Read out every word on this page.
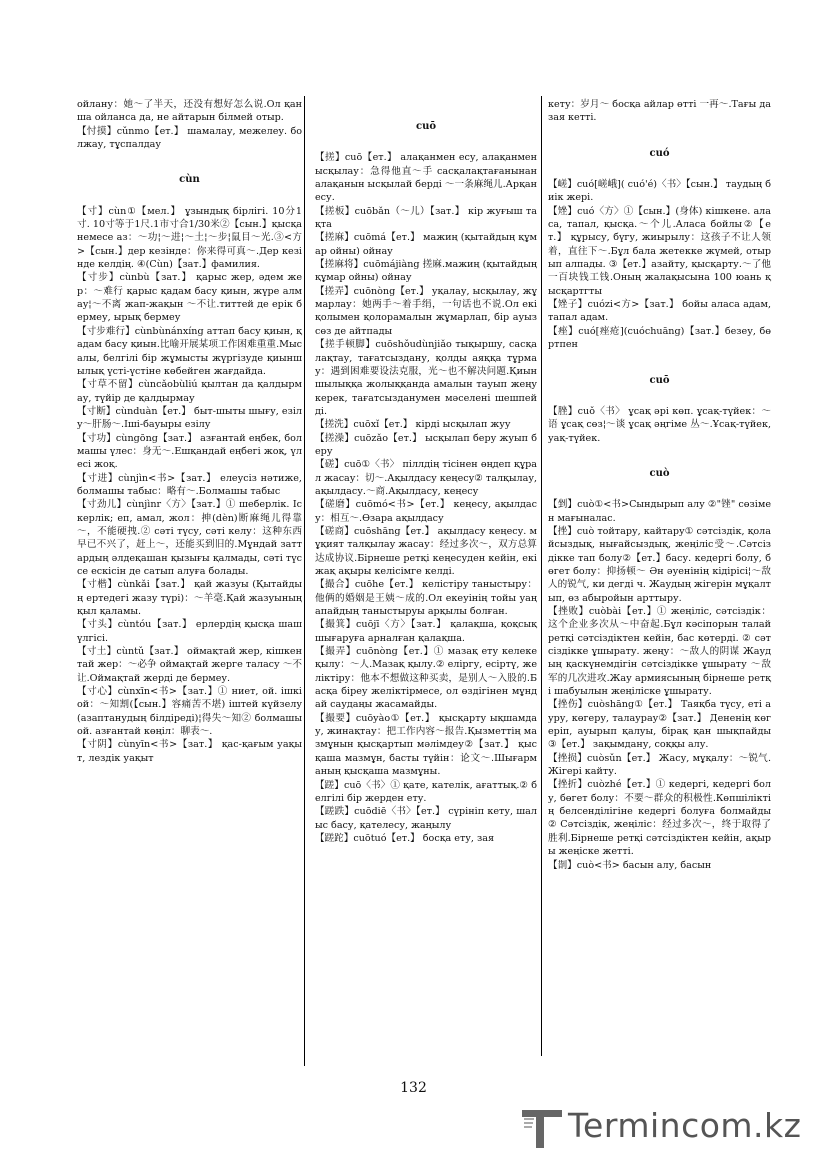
ойлану：她～了半天，还没有想好怎么说.Ол қанша ойланса да, не айтарын білмей отыр.

【忖摸】cǔnmo【ет.】 шамалау, межелеу. болжау, тұспалдау

cùn

【寸】cùn①【мел.】 ұзындық бірлігі. 10分1寸. 10寸等于1尺.1市寸合1/30米②【сын.】қысқа немесе аз：～功¦～进¦～土¦～步¦鼠目～光.③<方>【сын.】дер кезінде：你来得可真～.Дер кезінде келдің. ④(Cùn)【зат.】фамилия.

【寸步】cùnbù【зат.】 қарыс жер, әдем жер：～难行 қарыс қадам басу қиын, жүре алмау¦～不离 жап-жақын ～不让.титтей де ерік бермеу, ырық бермеу

【寸步难行】cùnbùnánxíng аттап басу қиын, қадам басу қиын.比喻开展某项工作困难重重.Мысалы, белгілі бір жұмысты жүргізуде қиыншылық үсті-үстіне көбейген жағдайда.

【寸草不留】cùncǎobùliú қылтан да қалдырмау, түйір де қалдырмау

【寸断】cùnduàn【ет.】 быт-шыты шығу, езілу～肝肠～.Іші-бауыры езілу

【寸功】cùngōng【зат.】 азғантай еңбек, болмашы үлес：身无～.Ешқандай еңбегі жоқ, үлесі жоқ.

【寸进】cùnjìn<书>【зат.】 елеусіз нәтиже, болмашы табыс：略有～.Болмашы табыс

【寸劲儿】cùnjìnr〈方〉【зат.】① шеберлік. Іскерлік; еп, амал, жол：抻(dèn)断麻绳儿得靠～，不能硬拽.② сәті түсу, сәті келу：这种东西早已不兴了，赶上～，还能买到旧的.Мұндай заттардың әлдеқашан қызығы қалмады, сәті түссе ескісін де сатып алуға болады.

【寸楷】cùnkǎi【зат.】 қай жазуы (Қытайдың ертедегі жазу түрі)：～羊毫.Қай жазуының қыл қаламы.

【寸头】cùntóu【зат.】 ерлердің қысқа шаш үлгісі.

【寸土】cùntǔ【зат.】 оймақтай жер, кішкентай жер：～必争 оймақтай жерге таласу ～不让.Оймақтай жерді де бермеу.

【寸心】cùnxīn<书>【зат.】① ниет, ой. ішкі ой：～知割(【сын.】容痛苦不堪) іштей күйзелу (азаптанудың білдіреді)¦得失～知② болмашы ой. азғантай көңіл：聊表～.

【寸阴】cùnyīn<书>【зат.】 қас-қағым уақыт, лездік уақыт

cuō

【搓】cuō【ет.】 алақанмен есу, алақанмен ысқылау：急得他直～手 сасқалақтағанынан алақанын ысқылай берді ～一条麻绳儿.Арқан есу.

【搓板】cuōbǎn（～儿）【зат.】 кір жуғыш тақта

【搓麻】cuōmá【ет.】 мажиң (қытайдың құмар ойны) ойнау

【搓麻将】cuōmájiàng 搓麻.мажиң (қытайдың құмар ойны) ойнау

【搓弄】cuōnòng【ет.】 уқалау, ысқылау, жұмарлау：她两手～着手绢，一句话也不说.Ол екі қолымен қолорамалын жұмарлап, бір ауыз сөз де айтпады

【搓手顿脚】cuōshǒudùnjiǎo тықыршу, сасқалақтау, тағатсыздану, қолды аяққа тұрмау：遇到困难要设法克服，光～也不解决问题.Қиыншылыққа жолыққанда амалын тауып жеңу керек, тағатсызданумен мәселені шешпейді.

【搓洗】cuōxǐ【ет.】 кірді ысқылап жуу

【搓澡】cuōzǎo【ет.】 ысқылап беру жуып беру

【磋】cuō①〈书〉 піллдің тісінен өңдеп құрал жасау：切～.Ақылдасу кеңесу② талқылау, ақылдасу.～商.Ақылдасу, кеңесу

【磋磨】cuōmó<书>【ет.】 кеңесу, ақылдасу：相互～.Өзара ақылдасу

【磋商】cuōshāng【ет.】 ақылдасу кеңесу. мұқият талқылау жасау：经过多次～，双方总算达成协议.Бірнеше ретқі кеңесуден кейін, екі жақ ақыры келісімге келді.

【撮合】cuōhe【ет.】 келістіру таныстыру：他俩的婚姻是王姨～成的.Ол екеуінің тойы уаң апайдың таныстыруы арқылы болған.

【撮箕】cuōjī〈方〉【зат.】 қалақша, қоқсық шығаруға арналған қалақша.

【撮弄】cuōnòng【ет.】① мазақ ету келеке қылу：～人.Мазақ қылу.② еліргу, есіртү, желіктіру：他本不想做这种买卖，是别人～入股的.Басқа біреу желіктірмесе, ол өздігінен мұндай саудаңы жасамайды.

【撮要】cuōyào①【ет.】 қысқарту ықшамдау, жинақтау：把工作内容～报告.Қызметтің мазмұнын қысқартып мәлімдеу②【зат.】 қысқаша мазмұн, басты түйін：论文～.Шығарманың қысқаша мазмұны.

【蹉】cuō〈书〉① қате, кателік, ағаттық.② белгілі бір жерден ету.

【蹉跌】cuōdiē〈书〉【ет.】 сүрініп кету, шалыс басу, қателесу, жаңылу

【蹉跎】cuōtuó【ет.】 босқа ету, зая

кету：岁月～ босқа айлар өтті 一再～.Тағы да зая кетті.

cuó

【嵯】cuó[嵯峨]( cuó'é)〈书〉【сын.】 таудың биік жері.

【矬】cuó〈方〉①【сын.】(身体) кішкене. аласа, тапал, қысқа.～个儿.Аласа бойлы②【ет.】 құрысу, бүгу, жиырылу：这孩子不让人领着，直往下～.Бұл бала жетекке жүмей, отырып алпады. ③【ет.】азайту, қысқарту.～了他一百块钱工钱.Оның жалақысына 100 юань қысқартгты

【矬子】cuózi<方>【зат.】 бойы аласа адам, тапал адам.

【痤】cuó[痤疮](cuóchuāng)【зат.】безеу, бөртпен

cuō

【脞】cuǒ〈书〉 ұсақ әрі көп. ұсақ-түйек：～语 ұсақ сөз¦～谈 ұсақ әңгіме 丛～.Ұсақ-түйек, уақ-түйек.

cuò

【剉】cuò①<书>Сындырып алу ②"锉" сөзімен мағыналас.

【挫】cuò тойтару, кайтару① сәтсіздік, қолайсыздық, нығайсыздық, жеңіліс受～.Сәтсіздікке тап болу②【ет.】басу. кедергі болу, бөгет болу：抑扬顿～ Ән әуенінің кідірісі¦～敌人的锐气, ки дегді ч. Жаудың жігерін мұқалтып, өз абыройын арттыру.

【挫败】cuòbài【ет.】① жеңіліс, сәтсіздік：这个企业多次从～中奋起.Бұл кәсіпорын талай ретқі сәтсіздіктен кейін, бас көтерді. ② сәтсіздікке ұшырату. жеңу：～敌人的阴谋 Жаудың қаскүнемдігін сәтсіздікке ұшырату ～敌军的几次进攻.Жау армиясының бірнеше ретқі шабуылын жеңіліске ұшырату.

【挫伤】cuòshāng①【ет.】 Таяқба түсу, еті ауру, көгеру, талаурау②【зат.】 Дененің көгеріп, ауырып қалуы, бірақ қан шықпайды ③【ет.】 зақымдану, соққы алу.

【挫损】cuòsǔn【ет.】 Жасу, мұқалу：～锐气.Жігері кайту.

【挫折】cuòzhé【ет.】① кедергі, кедергі болу, бөгет болу：不要～群众的积极性.Көпшіліктің белсенділігіне кедергі болуға болмайды ② Сәтсіздік, жеңіліс：经过多次～，终于取得了胜利.Бірнеше ретқі сәтсіздіктен кейін, ақыры жеңіске жетті.

【剒】cuò<书> басын алу, басын

132
Termincom.kz
